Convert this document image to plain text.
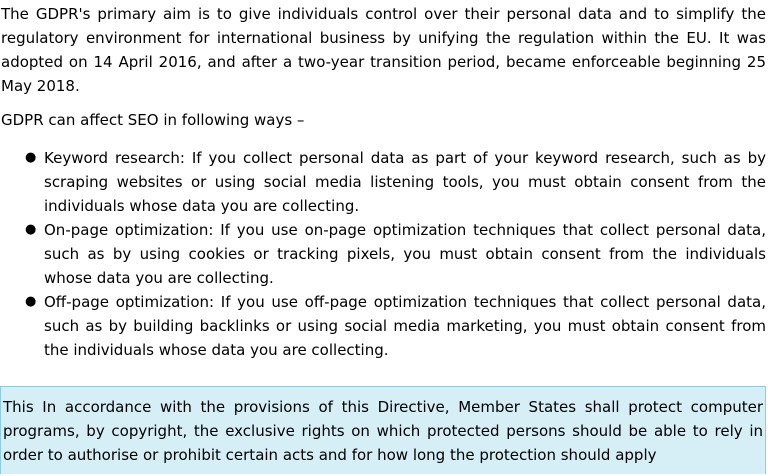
The GDPR's primary aim is to give individuals control over their personal data and to simplify the regulatory environment for international business by unifying the regulation within the EU. It was adopted on 14 April 2016, and after a two-year transition period, became enforceable beginning 25 May 2018.

GDPR can affect SEO in following ways –

● Keyword research: If you collect personal data as part of your keyword research, such as by scraping websites or using social media listening tools, you must obtain consent from the individuals whose data you are collecting.
● On-page optimization: If you use on-page optimization techniques that collect personal data, such as by using cookies or tracking pixels, you must obtain consent from the individuals whose data you are collecting.
● Off-page optimization: If you use off-page optimization techniques that collect personal data, such as by building backlinks or using social media marketing, you must obtain consent from the individuals whose data you are collecting.

This In accordance with the provisions of this Directive, Member States shall protect computer programs, by copyright, the exclusive rights on which protected persons should be able to rely in order to authorise or prohibit certain acts and for how long the protection should apply
